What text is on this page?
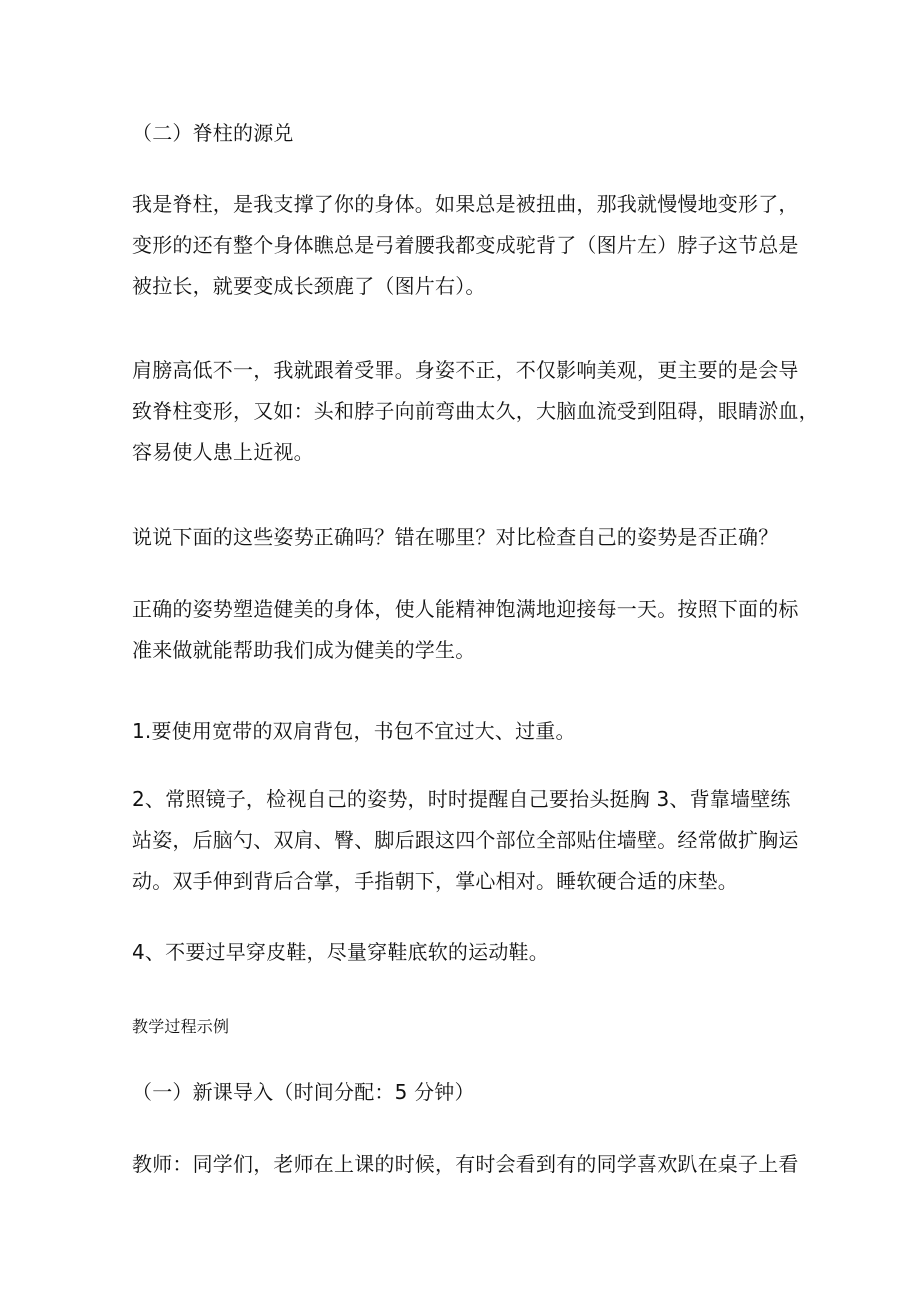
（二）脊柱的源兑

我是脊柱，是我支撑了你的身体。如果总是被扭曲，那我就慢慢地变形了，
变形的还有整个身体瞧总是弓着腰我都变成驼背了（图片左）脖子这节总是
被拉长，就要变成长颈鹿了（图片右）。

肩膀高低不一，我就跟着受罪。身姿不正，不仅影响美观，更主要的是会导
致脊柱变形，又如：头和脖子向前弯曲太久，大脑血流受到阻碍，眼睛淤血，
容易使人患上近视。

说说下面的这些姿势正确吗？错在哪里？对比检查自己的姿势是否正确？

正确的姿势塑造健美的身体，使人能精神饱满地迎接每一天。按照下面的标
准来做就能帮助我们成为健美的学生。

1.要使用宽带的双肩背包，书包不宜过大、过重。

2、常照镜子，检视自己的姿势，时时提醒自己要抬头挺胸 3、背靠墙壁练
站姿，后脑勺、双肩、臀、脚后跟这四个部位全部贴住墙壁。经常做扩胸运
动。双手伸到背后合掌，手指朝下，掌心相对。睡软硬合适的床垫。

4、不要过早穿皮鞋，尽量穿鞋底软的运动鞋。

教学过程示例

（一）新课导入（时间分配：5 分钟）

教师：同学们，老师在上课的时候，有时会看到有的同学喜欢趴在桌子上看
